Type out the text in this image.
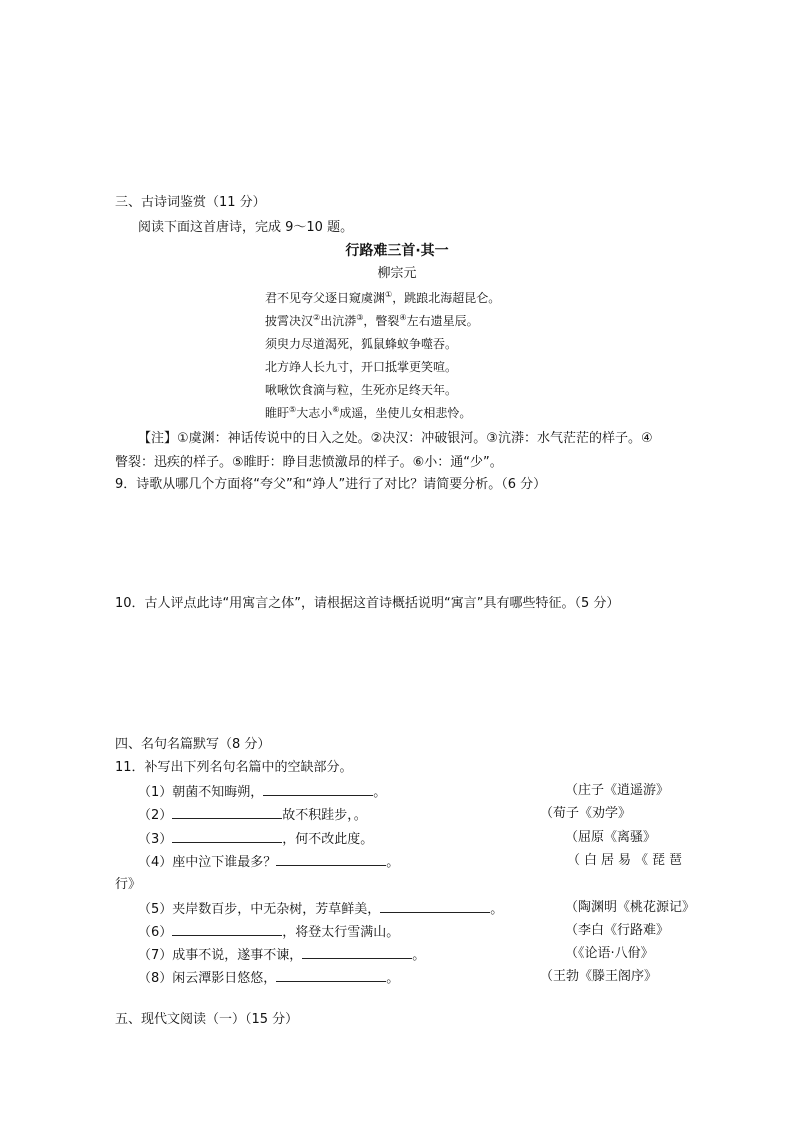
三、古诗词鉴赏（11 分）
阅读下面这首唐诗，完成 9～10 题。
行路难三首·其一
柳宗元
君不见夸父逐日窥虞渊①，跳踉北海超昆仑。
披霄决汉②出沆漭③，瞥裂④左右遗星辰。
须臾力尽道渴死，狐鼠蜂蚁争噬吞。
北方竫人长九寸，开口抵掌更笑喧。
啾啾饮食滴与粒，生死亦足终天年。
睢盱⑤大志小⑥成遥，坐使儿女相悲怜。
【注】①虞渊：神话传说中的日入之处。②决汉：冲破银河。③沆漭：水气茫茫的样子。④
瞥裂：迅疾的样子。⑤睢盱：睁目悲愤激昂的样子。⑥小：通“少”。
9．诗歌从哪几个方面将“夸父”和“竫人”进行了对比？请简要分析。（6 分）
10．古人评点此诗“用寓言之体”，请根据这首诗概括说明“寓言”具有哪些特征。（5 分）
四、名句名篇默写（8 分）
11．补写出下列名句名篇中的空缺部分。
（1）朝菌不知晦朔，	。	（庄子《逍遥游》
（2）	故不积跬步，。	（荀子《劝学》
（3）	，何不改此度。	（屈原《离骚》
（4）座中泣下谁最多？	。	（白居易《琵琶
行》
（5）夹岸数百步，中无杂树，芳草鲜美，	。	（陶渊明《桃花源记》
（6）	，将登太行雪满山。	（李白《行路难》
（7）成事不说，遂事不谏，	。	（《论语·八佾》
（8）闲云潭影日悠悠，	。	（王勃《滕王阁序》
五、现代文阅读（一）（15 分）
